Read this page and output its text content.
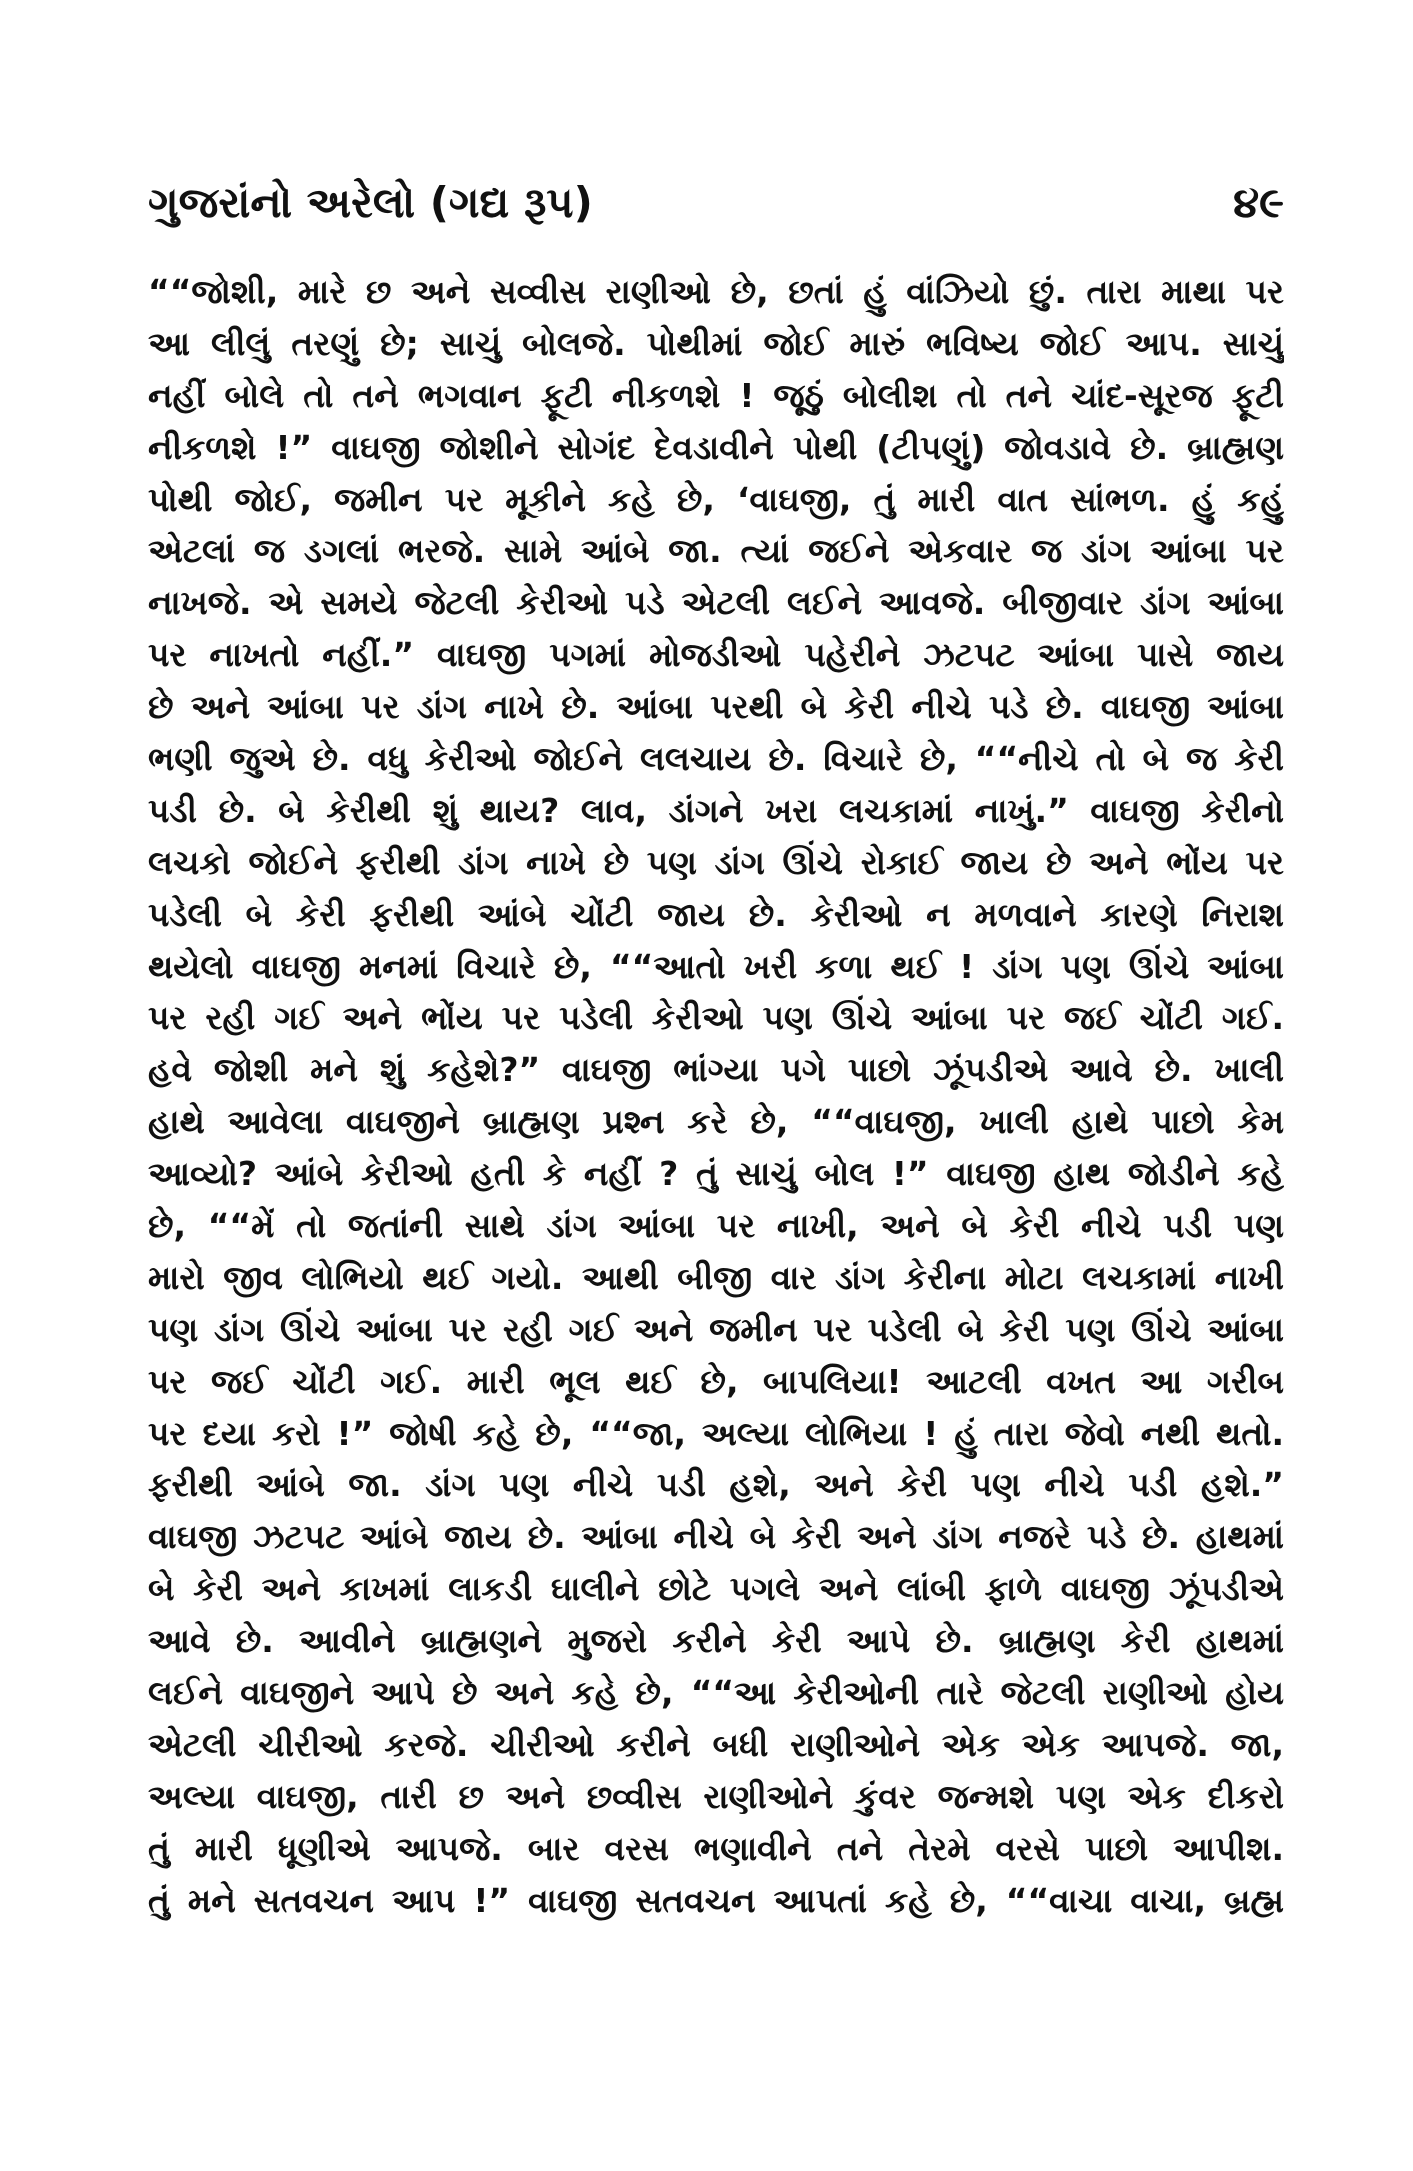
ગુજરાંનો અરેલો (ગદ્ય રૂપ)	૪૯
““જોશી, મારે છ અને સવ્વીસ રાણીઓ છે, છતાં હું વાંઝિયો છું. તારા માથા પર
આ લીલું તરણું છે; સાચું બોલજે. પોથીમાં જોઈ મારું ભવિષ્ય જોઈ આપ. સાચું
નહીં બોલે તો તને ભગવાન ફૂટી નીકળશે ! જૂઠું બોલીશ તો તને ચાંદ-સૂરજ ફૂટી
નીકળશે !” વાઘજી જોશીને સોગંદ દેવડાવીને પોથી (ટીપણું) જોવડાવે છે. બ્રાહ્મણ
પોથી જોઈ, જમીન પર મૂકીને કહે છે, ‘વાઘજી, તું મારી વાત સાંભળ. હું કહું
એટલાં જ ડગલાં ભરજે. સામે આંબે જા. ત્યાં જઈને એકવાર જ ડાંગ આંબા પર
નાખજે. એ સમયે જેટલી કેરીઓ પડે એટલી લઈને આવજે. બીજીવાર ડાંગ આંબા
પર નાખતો નહીં.” વાઘજી પગમાં મોજડીઓ પહેરીને ઝટપટ આંબા પાસે જાય
છે અને આંબા પર ડાંગ નાખે છે. આંબા પરથી બે કેરી નીચે પડે છે. વાઘજી આંબા
ભણી જુએ છે. વધુ કેરીઓ જોઈને લલચાય છે. વિચારે છે, ““નીચે તો બે જ કેરી
પડી છે. બે કેરીથી શું થાય? લાવ, ડાંગને ખરા લચકામાં નાખું.” વાઘજી કેરીનો
લચકો જોઈને ફરીથી ડાંગ નાખે છે પણ ડાંગ ઊંચે રોકાઈ જાય છે અને ભોંય પર
પડેલી બે કેરી ફરીથી આંબે ચોંટી જાય છે. કેરીઓ ન મળવાને કારણે નિરાશ
થયેલો વાઘજી મનમાં વિચારે છે, ““આતો ખરી કળા થઈ ! ડાંગ પણ ઊંચે આંબા
પર રહી ગઈ અને ભોંય પર પડેલી કેરીઓ પણ ઊંચે આંબા પર જઈ ચોંટી ગઈ.
હવે જોશી મને શું કહેશે?” વાઘજી ભાંગ્યા પગે પાછો ઝૂંપડીએ આવે છે. ખાલી
હાથે આવેલા વાઘજીને બ્રાહ્મણ પ્રશ્ન કરે છે, ““વાઘજી, ખાલી હાથે પાછો કેમ
આવ્યો? આંબે કેરીઓ હતી કે નહીં ? તું સાચું બોલ !” વાઘજી હાથ જોડીને કહે
છે, ““મેં તો જતાંની સાથે ડાંગ આંબા પર નાખી, અને બે કેરી નીચે પડી પણ
મારો જીવ લોભિયો થઈ ગયો. આથી બીજી વાર ડાંગ કેરીના મોટા લચકામાં નાખી
પણ ડાંગ ઊંચે આંબા પર રહી ગઈ અને જમીન પર પડેલી બે કેરી પણ ઊંચે આંબા
પર જઈ ચોંટી ગઈ. મારી ભૂલ થઈ છે, બાપલિયા! આટલી વખત આ ગરીબ
પર દયા કરો !” જોષી કહે છે, ““જા, અલ્યા લોભિયા ! હું તારા જેવો નથી થતો.
ફરીથી આંબે જા. ડાંગ પણ નીચે પડી હશે, અને કેરી પણ નીચે પડી હશે.”
વાઘજી ઝટપટ આંબે જાય છે. આંબા નીચે બે કેરી અને ડાંગ નજરે પડે છે. હાથમાં
બે કેરી અને કાખમાં લાકડી ઘાલીને છોટે પગલે અને લાંબી ફાળે વાઘજી ઝૂંપડીએ
આવે છે. આવીને બ્રાહ્મણને મુજરો કરીને કેરી આપે છે. બ્રાહ્મણ કેરી હાથમાં
લઈને વાઘજીને આપે છે અને કહે છે, ““આ કેરીઓની તારે જેટલી રાણીઓ હોય
એટલી ચીરીઓ કરજે. ચીરીઓ કરીને બધી રાણીઓને એક એક આપજે. જા,
અલ્યા વાઘજી, તારી છ અને છવ્વીસ રાણીઓને કુંવર જન્મશે પણ એક દીકરો
તું મારી ધૂણીએ આપજે. બાર વરસ ભણાવીને તને તેરમે વરસે પાછો આપીશ.
તું મને સતવચન આપ !” વાઘજી સતવચન આપતાં કહે છે, ““વાચા વાચા, બ્રહ્મ
